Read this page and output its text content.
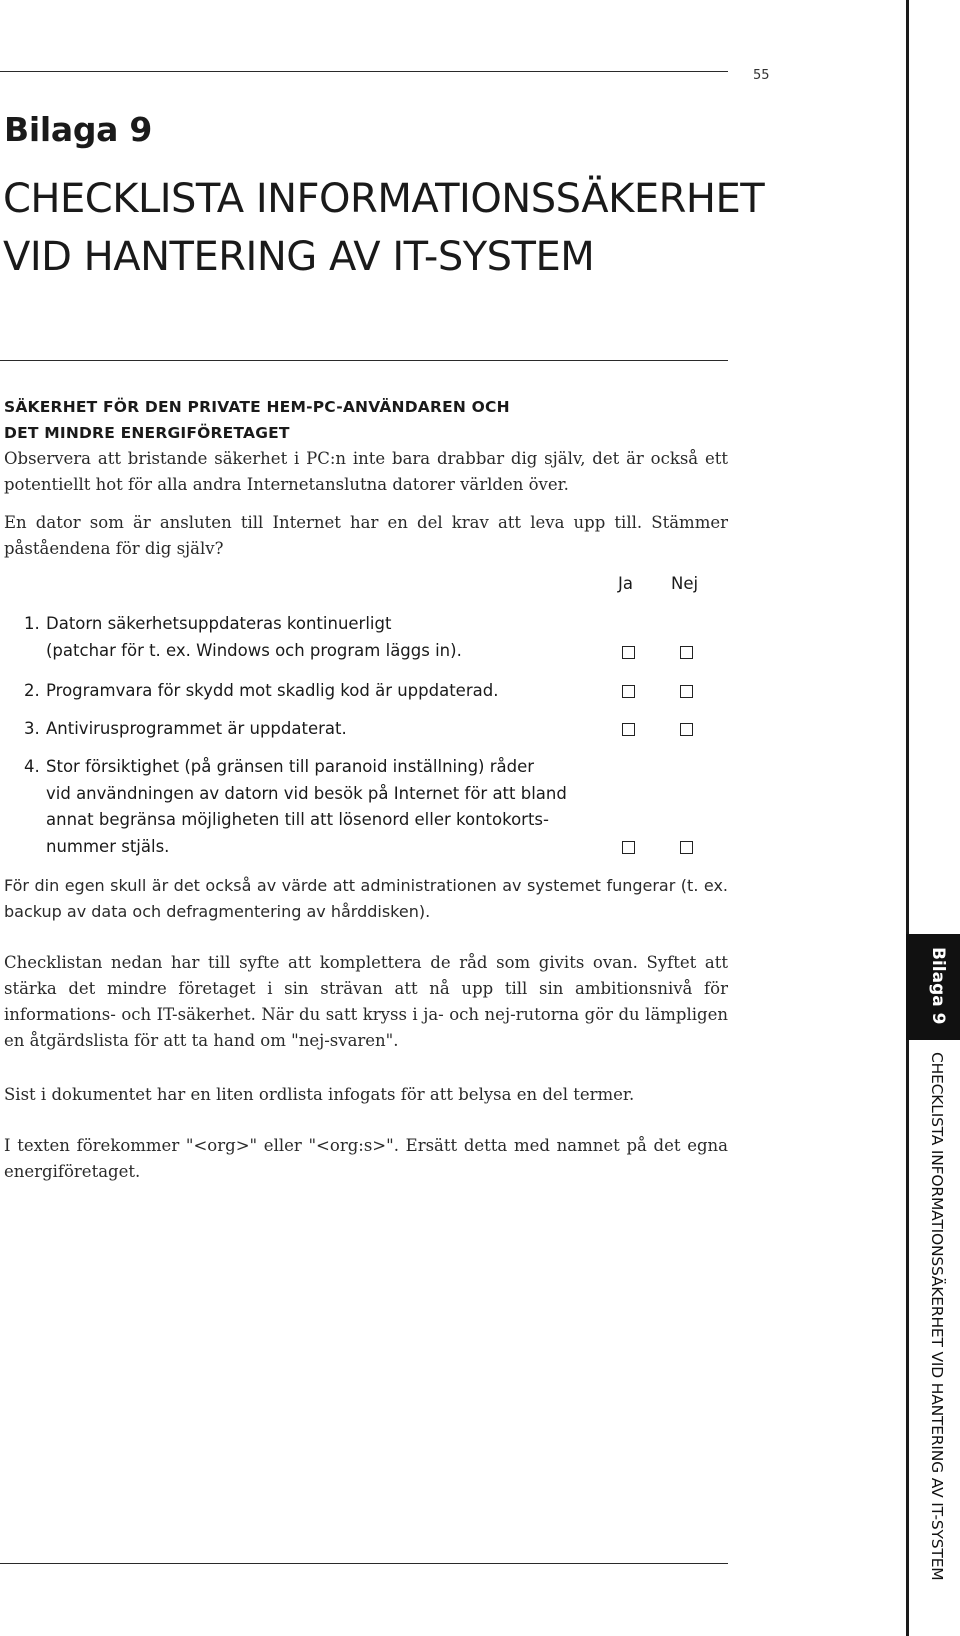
55
Bilaga 9
CHECKLISTA INFORMATIONSSÄKERHET
VID HANTERING AV IT-SYSTEM
SÄKERHET FÖR DEN PRIVATE HEM-PC-ANVÄNDAREN OCH
DET MINDRE ENERGIFÖRETAGET

Observera att bristande säkerhet i PC:n inte bara drabbar dig själv, det är också ett potentiellt hot för alla andra Internetanslutna datorer världen över.

En dator som är ansluten till Internet har en del krav att leva upp till. Stämmer påståendena för dig själv?

Ja Nej
1. Datorn säkerhetsuppdateras kontinuerligt
(patchar för t. ex. Windows och program läggs in).
2. Programvara för skydd mot skadlig kod är uppdaterad.
3. Antivirusprogrammet är uppdaterat.
4. Stor försiktighet (på gränsen till paranoid inställning) råder
vid användningen av datorn vid besök på Internet för att bland
annat begränsa möjligheten till att lösenord eller kontokorts-
nummer stjäls.

För din egen skull är det också av värde att administrationen av systemet fungerar (t. ex. backup av data och defragmentering av hårddisken).

Checklistan nedan har till syfte att komplettera de råd som givits ovan. Syftet att stärka det mindre företaget i sin strävan att nå upp till sin ambitionsnivå för informations- och IT-säkerhet. När du satt kryss i ja- och nej-rutorna gör du lämpligen en åtgärdslista för att ta hand om "nej-svaren".

Sist i dokumentet har en liten ordlista infogats för att belysa en del termer.

I texten förekommer "<org>" eller "<org:s>". Ersätt detta med namnet på det egna energiföretaget.

Bilaga 9
CHECKLISTA INFORMATIONSSÄKERHET VID HANTERING AV IT-SYSTEM
